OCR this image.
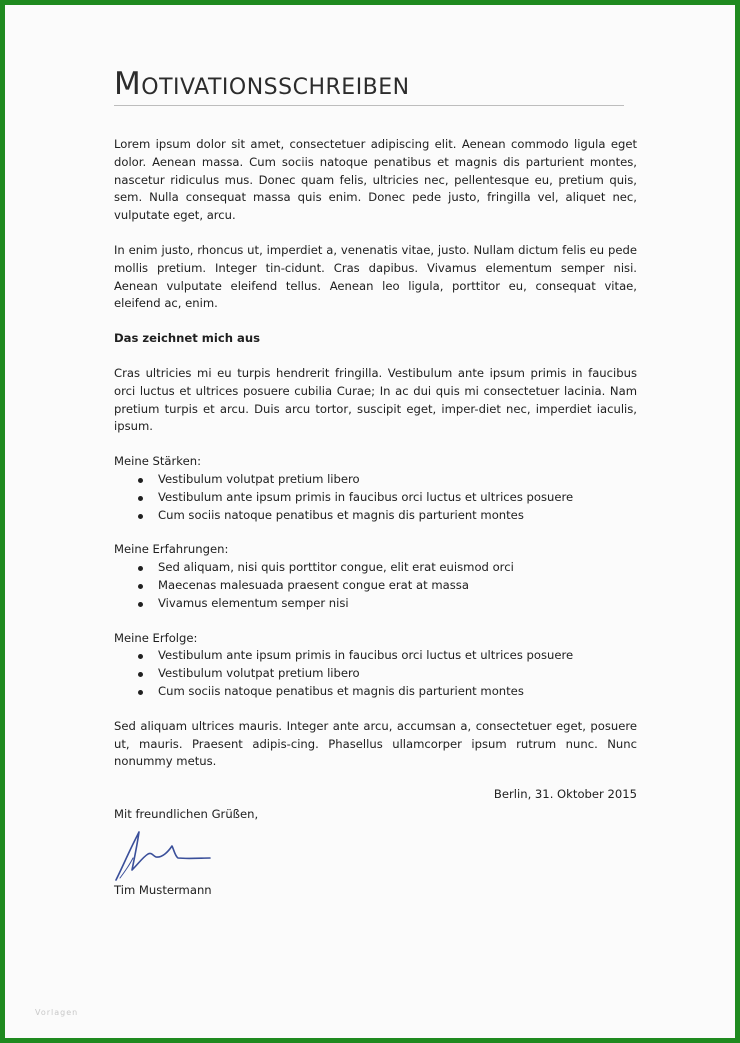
Motivationsschreiben

Lorem ipsum dolor sit amet, consectetuer adipiscing elit. Aenean commodo ligula eget dolor. Aenean massa. Cum sociis natoque penatibus et magnis dis parturient montes, nascetur ridiculus mus. Donec quam felis, ultricies nec, pellentesque eu, pretium quis, sem. Nulla consequat massa quis enim. Donec pede justo, fringilla vel, aliquet nec, vulputate eget, arcu.

In enim justo, rhoncus ut, imperdiet a, venenatis vitae, justo. Nullam dictum felis eu pede mollis pretium. Integer tin-cidunt. Cras dapibus. Vivamus elementum semper nisi. Aenean vulputate eleifend tellus. Aenean leo ligula, porttitor eu, consequat vitae, eleifend ac, enim.

Das zeichnet mich aus

Cras ultricies mi eu turpis hendrerit fringilla. Vestibulum ante ipsum primis in faucibus orci luctus et ultrices posuere cubilia Curae; In ac dui quis mi consectetuer lacinia. Nam pretium turpis et arcu. Duis arcu tortor, suscipit eget, imper-diet nec, imperdiet iaculis, ipsum.

Meine Stärken:
Vestibulum volutpat pretium libero
Vestibulum ante ipsum primis in faucibus orci luctus et ultrices posuere
Cum sociis natoque penatibus et magnis dis parturient montes
Meine Erfahrungen:
Sed aliquam, nisi quis porttitor congue, elit erat euismod orci
Maecenas malesuada praesent congue erat at massa
Vivamus elementum semper nisi
Meine Erfolge:
Vestibulum ante ipsum primis in faucibus orci luctus et ultrices posuere
Vestibulum volutpat pretium libero
Cum sociis natoque penatibus et magnis dis parturient montes

Sed aliquam ultrices mauris. Integer ante arcu, accumsan a, consectetuer eget, posuere ut, mauris. Praesent adipis-cing. Phasellus ullamcorper ipsum rutrum nunc. Nunc nonummy metus.

Berlin, 31. Oktober 2015
Mit freundlichen Grüßen,
Tim Mustermann
Vorlagen
